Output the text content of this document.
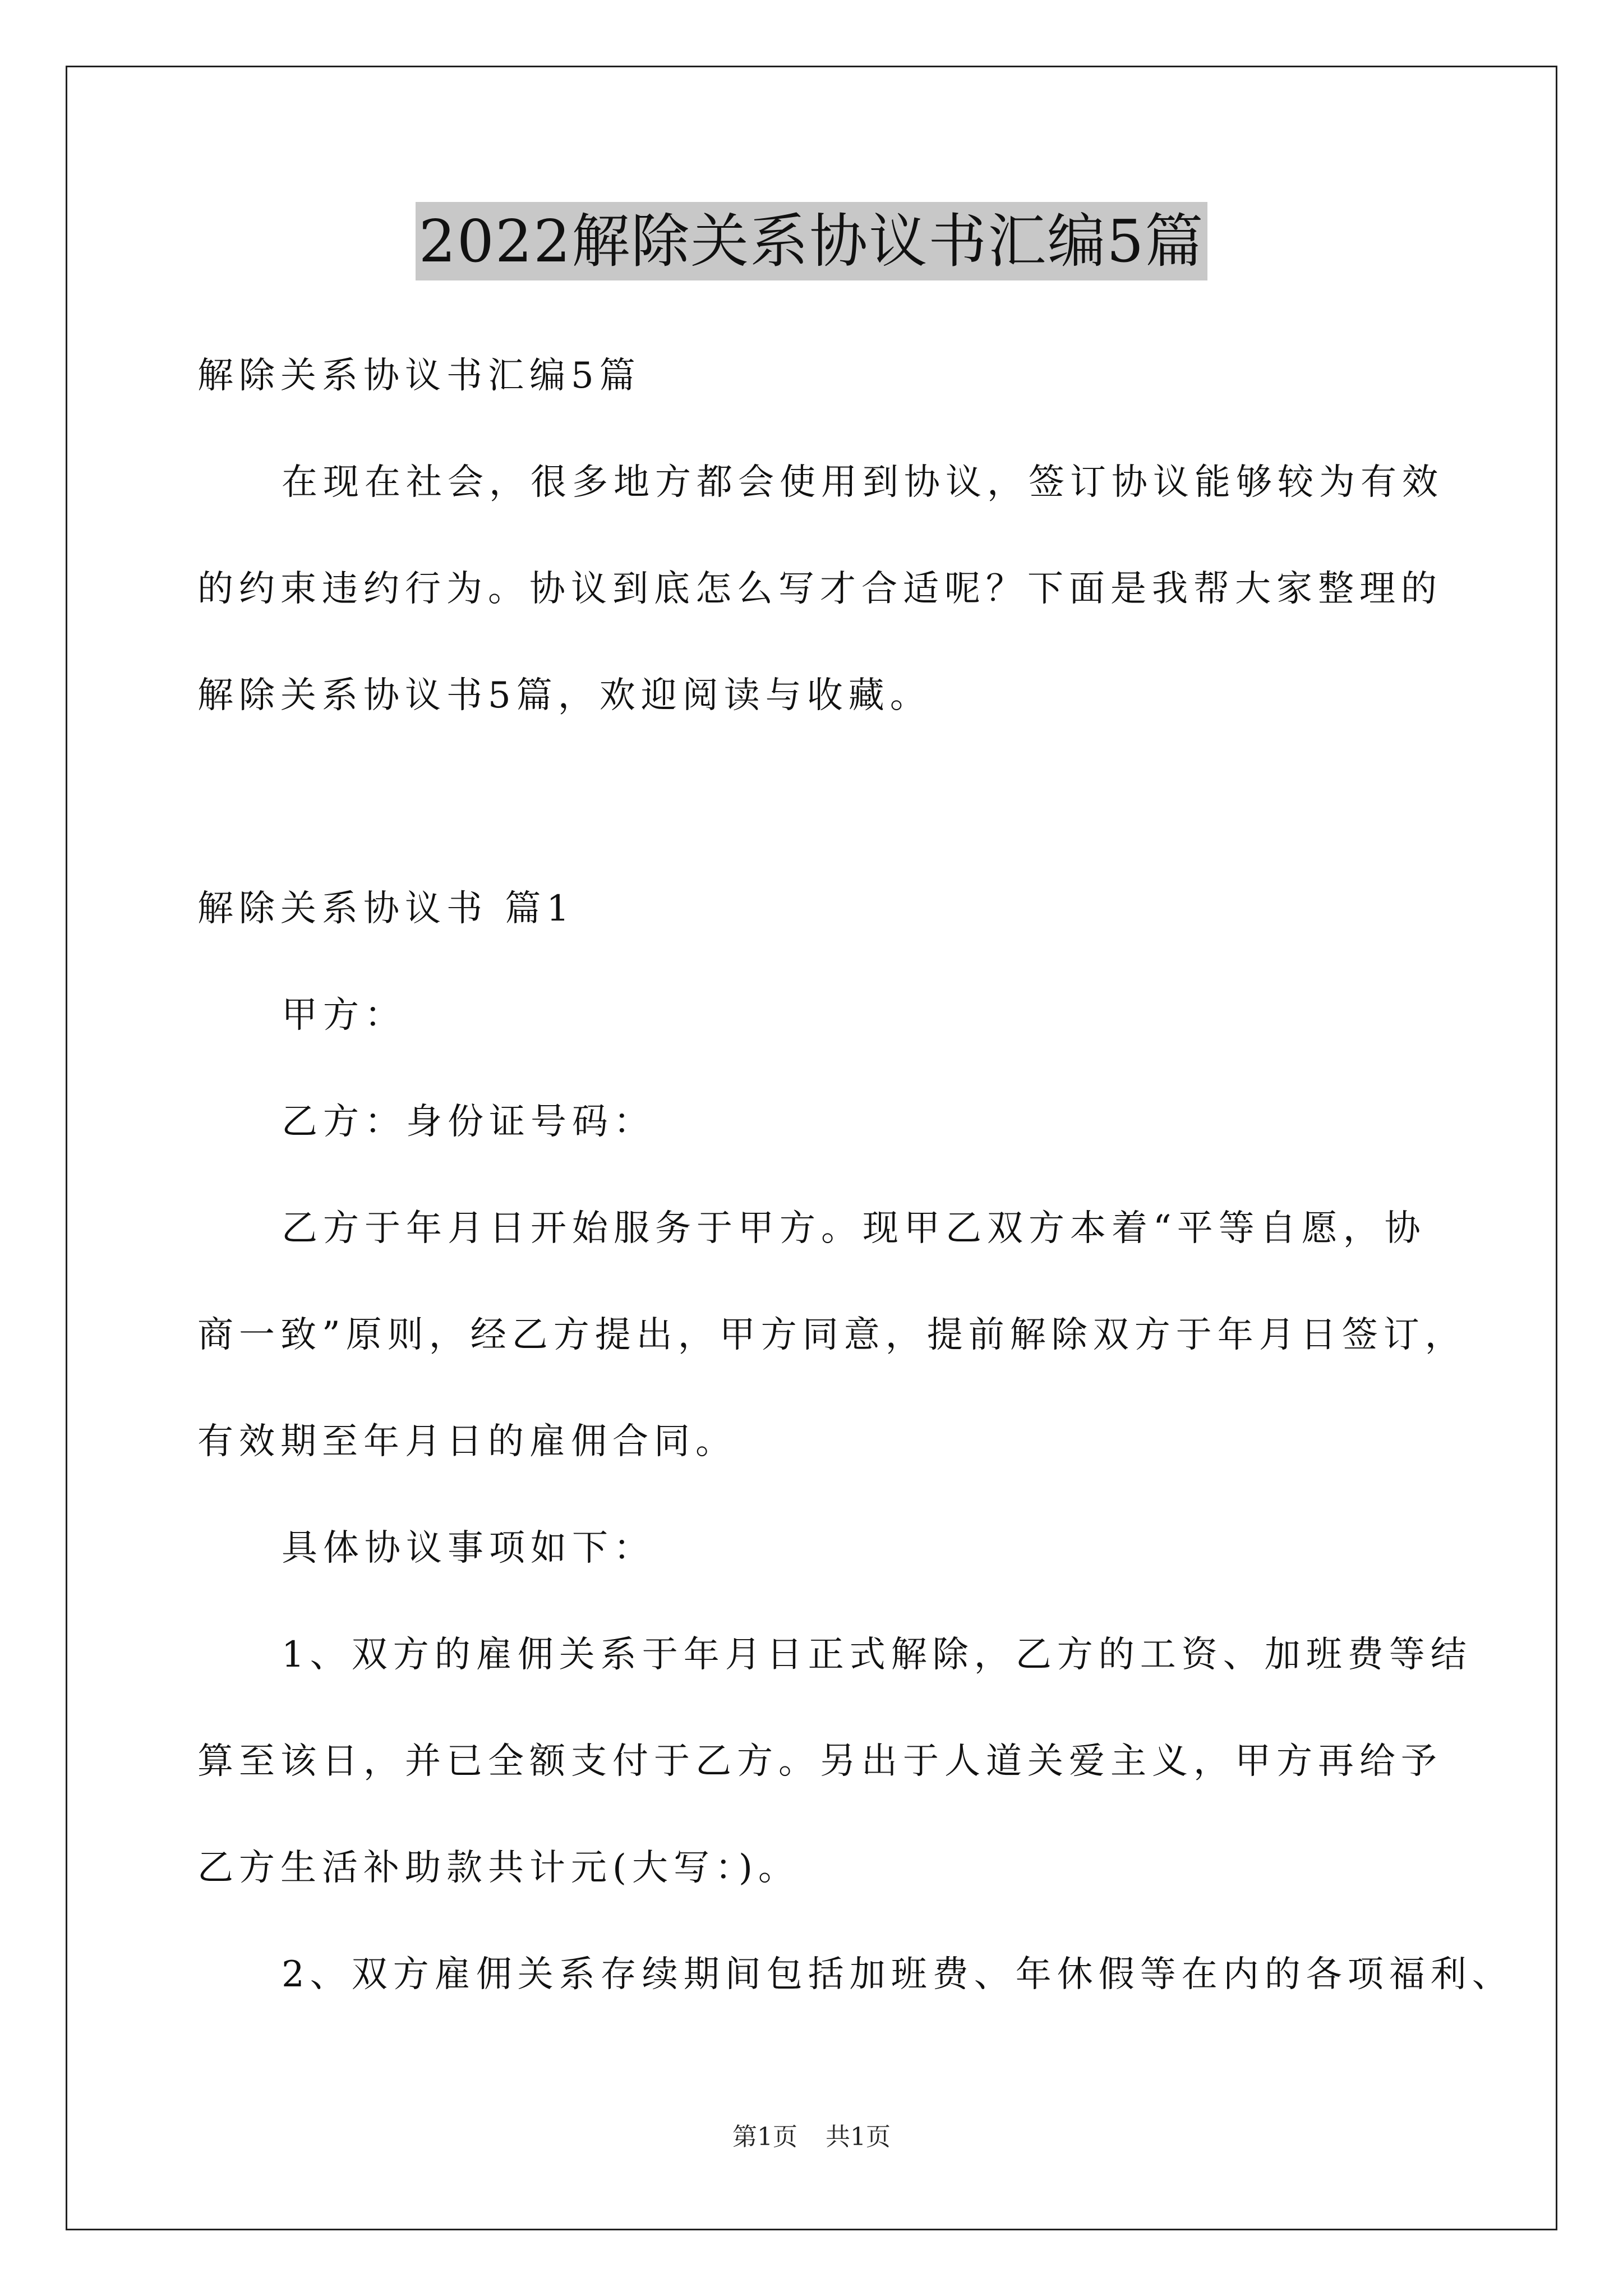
2022解除关系协议书汇编5篇
解除关系协议书汇编5篇
在现在社会，很多地方都会使用到协议，签订协议能够较为有效
的约束违约行为。协议到底怎么写才合适呢？下面是我帮大家整理的
解除关系协议书5篇，欢迎阅读与收藏。
解除关系协议书 篇1
甲方：
乙方：身份证号码：
乙方于年月日开始服务于甲方。现甲乙双方本着“平等自愿，协
商一致”原则，经乙方提出，甲方同意，提前解除双方于年月日签订，
有效期至年月日的雇佣合同。
具体协议事项如下：
1、双方的雇佣关系于年月日正式解除，乙方的工资、加班费等结
算至该日，并已全额支付于乙方。另出于人道关爱主义，甲方再给予
乙方生活补助款共计元(大写：)。
2、双方雇佣关系存续期间包括加班费、年休假等在内的各项福利、
第1页 共1页
